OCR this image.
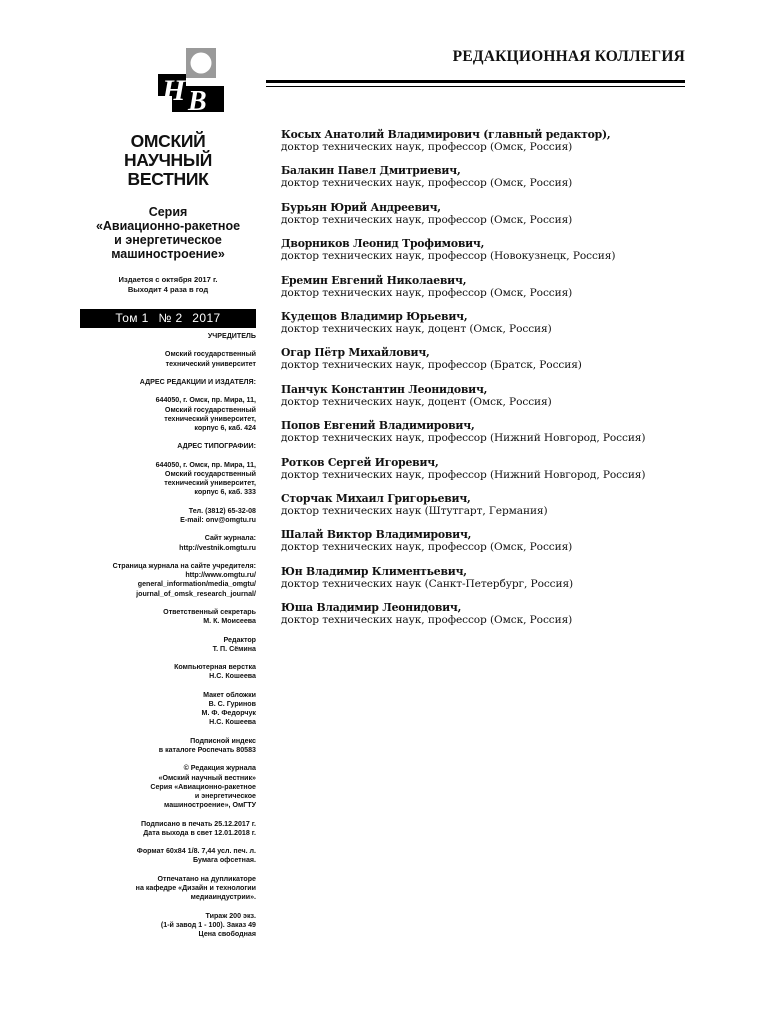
Н В
ОМСКИЙ
НАУЧНЫЙ
ВЕСТНИК
Серия
«Авиационно-ракетное
и энергетическое
машиностроение»
Издается с октября 2017 г.
Выходит 4 раза в год
Том 1 № 2 2017
УЧРЕДИТЕЛЬ
Омский государственный
технический университет
АДРЕС РЕДАКЦИИ И ИЗДАТЕЛЯ:
644050, г. Омск, пр. Мира, 11,
Омский государственный
технический университет,
корпус 6, каб. 424
АДРЕС ТИПОГРАФИИ:
644050, г. Омск, пр. Мира, 11,
Омский государственный
технический университет,
корпус 6, каб. 333
Тел. (3812) 65-32-08
E-mail: onv@omgtu.ru
Сайт журнала:
http://vestnik.omgtu.ru
Страница журнала на сайте учредителя:
http://www.omgtu.ru/
general_information/media_omgtu/
journal_of_omsk_research_journal/
Ответственный секретарь
М. К. Моисеева
Редактор
Т. П. Сёмина
Компьютерная верстка
Н.С. Кошеева
Макет обложки
В. С. Гуринов
М. Ф. Федорчук
Н.С. Кошеева
Подписной индекс
в каталоге Роспечать 80583
© Редакция журнала
«Омский научный вестник»
Серия «Авиационно-ракетное
и энергетическое
машиностроение», ОмГТУ
Подписано в печать 25.12.2017 г.
Дата выхода в свет 12.01.2018 г.
Формат 60x84 1/8. 7,44 усл. печ. л.
Бумага офсетная.
Отпечатано на дупликаторе
на кафедре «Дизайн и технологии
медиаиндустрии».
Тираж 200 экз.
(1-й завод 1 - 100). Заказ 49
Цена свободная
РЕДАКЦИОННАЯ КОЛЛЕГИЯ
Косых Анатолий Владимирович (главный редактор),
доктор технических наук, профессор (Омск, Россия)
Балакин Павел Дмитриевич,
доктор технических наук, профессор (Омск, Россия)
Бурьян Юрий Андреевич,
доктор технических наук, профессор (Омск, Россия)
Дворников Леонид Трофимович,
доктор технических наук, профессор (Новокузнецк, Россия)
Еремин Евгений Николаевич,
доктор технических наук, профессор (Омск, Россия)
Кудещов Владимир Юрьевич,
доктор технических наук, доцент (Омск, Россия)
Огар Пётр Михайлович,
доктор технических наук, профессор (Братск, Россия)
Панчук Константин Леонидович,
доктор технических наук, доцент (Омск, Россия)
Попов Евгений Владимирович,
доктор технических наук, профессор (Нижний Новгород, Россия)
Ротков Сергей Игоревич,
доктор технических наук, профессор (Нижний Новгород, Россия)
Сторчак Михаил Григорьевич,
доктор технических наук (Штутгарт, Германия)
Шалай Виктор Владимирович,
доктор технических наук, профессор (Омск, Россия)
Юн Владимир Климентьевич,
доктор технических наук (Санкт-Петербург, Россия)
Юша Владимир Леонидович,
доктор технических наук, профессор (Омск, Россия)
